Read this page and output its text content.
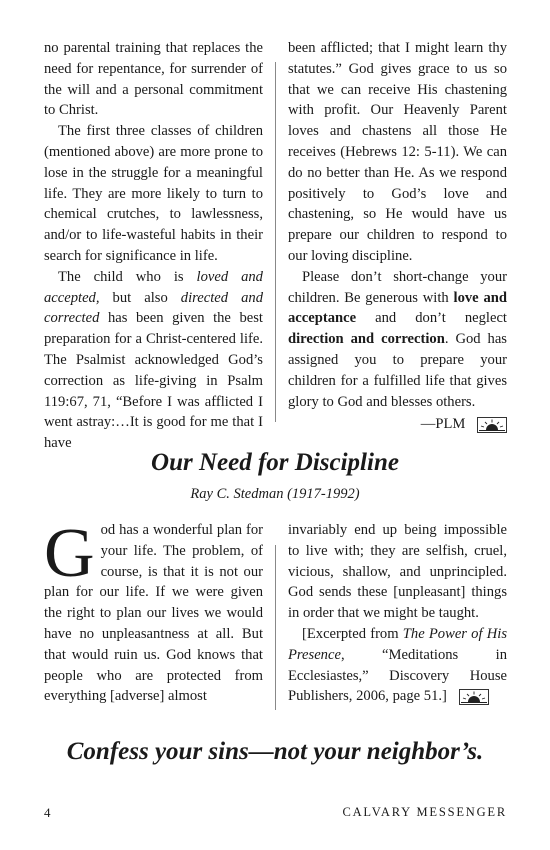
no parental training that replaces the need for repentance, for surrender of the will and a personal commitment to Christ.

The first three classes of children (mentioned above) are more prone to lose in the struggle for a meaningful life. They are more likely to turn to chemical crutches, to lawlessness, and/or to life-wasteful habits in their search for significance in life.

The child who is loved and accepted, but also directed and corrected has been given the best preparation for a Christ-centered life. The Psalmist acknowledged God’s correction as life-giving in Psalm 119:67, 71, “Before I was afflicted I went astray:…It is good for me that I have

been afflicted; that I might learn thy statutes.” God gives grace to us so that we can receive His chastening with profit. Our Heavenly Parent loves and chastens all those He receives (Hebrews 12: 5-11). We can do no better than He. As we respond positively to God’s love and chastening, so He would have us prepare our children to respond to our loving discipline.

Please don’t short-change your children. Be generous with love and acceptance and don’t neglect direction and correction. God has assigned you to prepare your children for a fulfilled life that gives glory to God and blesses others.

—PLM
Our Need for Discipline
Ray C. Stedman (1917-1992)

God has a wonderful plan for your life. The problem, of course, is that it is not our plan for our life. If we were given the right to plan our lives we would have no unpleasantness at all. But that would ruin us. God knows that people who are protected from everything [adverse] almost

invariably end up being impossible to live with; they are selfish, cruel, vicious, shallow, and unprincipled. God sends these [unpleasant] things in order that we might be taught.

[Excerpted from The Power of His Presence, “Meditations in Ecclesiastes,” Discovery House Publishers, 2006, page 51.]

Confess your sins—not your neighbor’s.
4	CALVARY MESSENGER
